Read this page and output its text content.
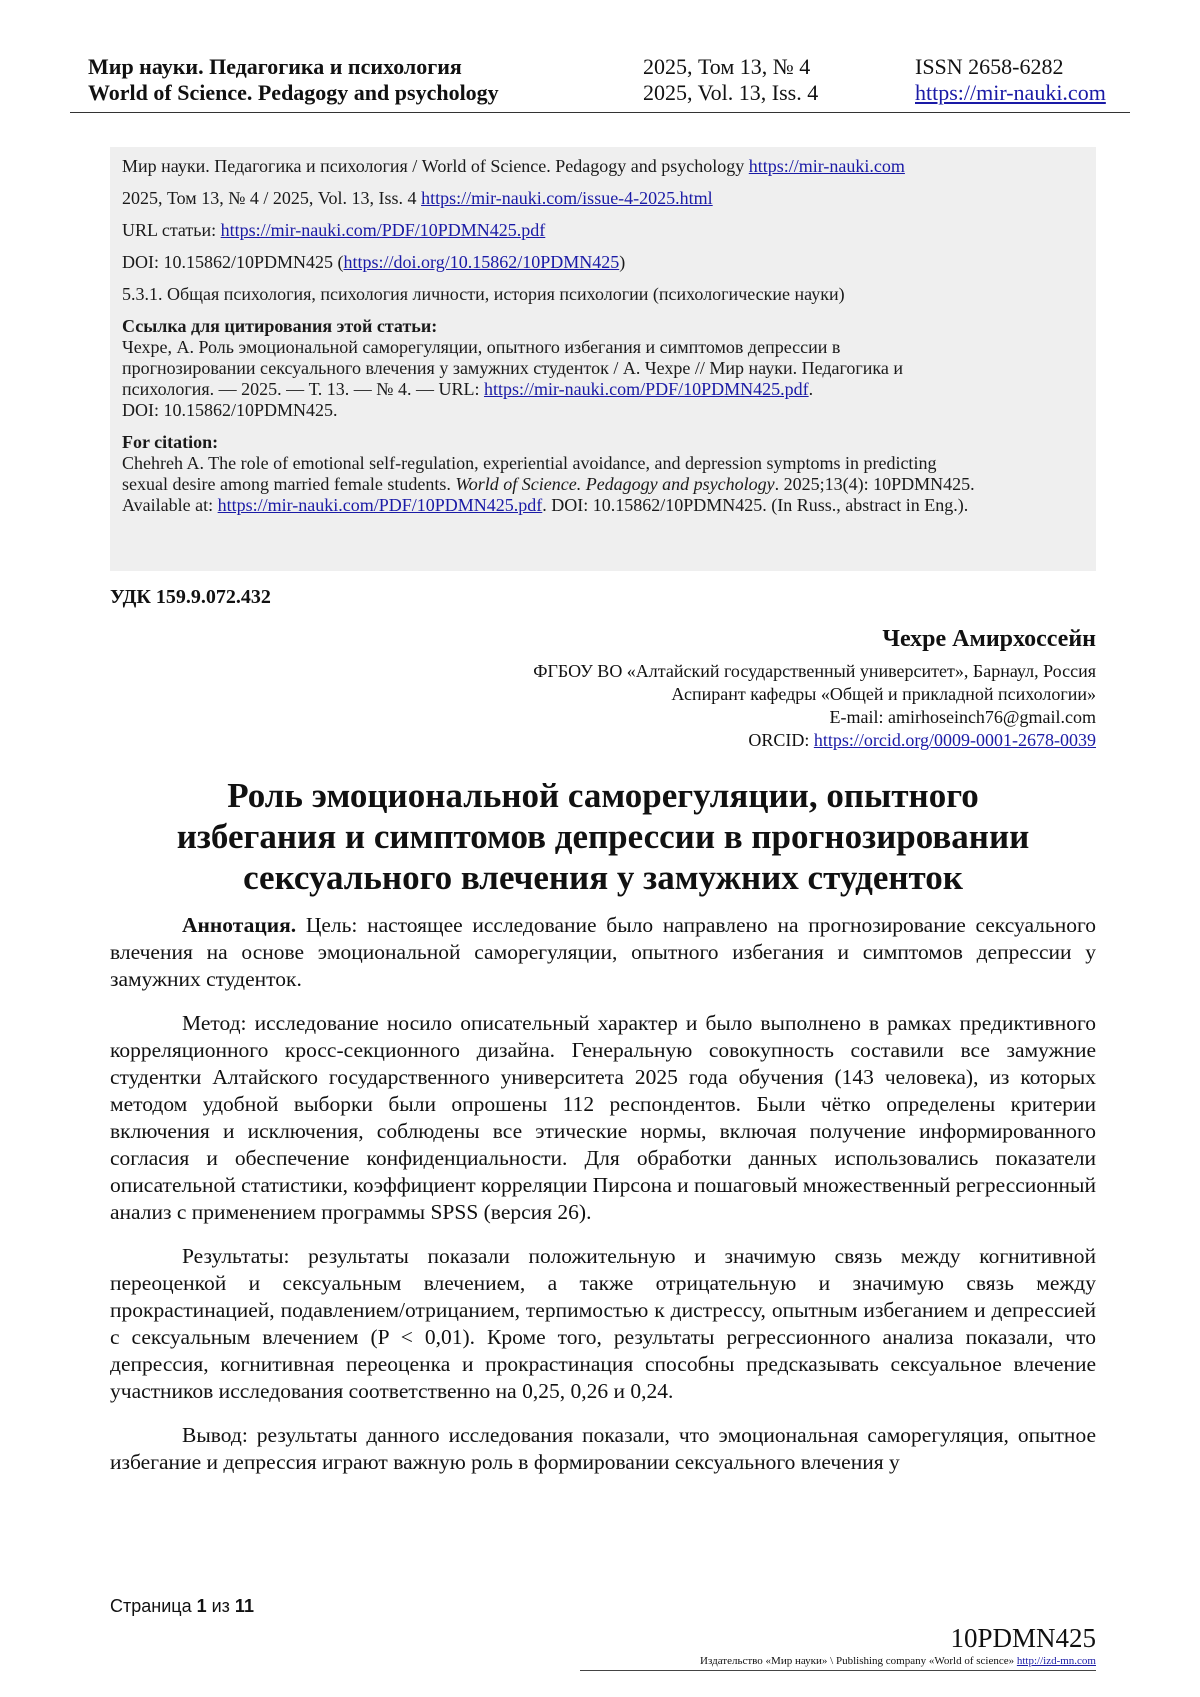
Мир науки. Педагогика и психология
World of Science. Pedagogy and psychology
2025, Том 13, № 4
2025, Vol. 13, Iss. 4
ISSN 2658-6282
https://mir-nauki.com
Мир науки. Педагогика и психология / World of Science. Pedagogy and psychology https://mir-nauki.com
2025, Том 13, № 4 / 2025, Vol. 13, Iss. 4 https://mir-nauki.com/issue-4-2025.html
URL статьи: https://mir-nauki.com/PDF/10PDMN425.pdf
DOI: 10.15862/10PDMN425 (https://doi.org/10.15862/10PDMN425)
5.3.1. Общая психология, психология личности, история психологии (психологические науки)
Ссылка для цитирования этой статьи:
Чехре, А. Роль эмоциональной саморегуляции, опытного избегания и симптомов депрессии в
прогнозировании сексуального влечения у замужних студенток / А. Чехре // Мир науки. Педагогика и
психология. — 2025. — Т. 13. — № 4. — URL: https://mir-nauki.com/PDF/10PDMN425.pdf.
DOI: 10.15862/10PDMN425.
For citation:
Chehreh A. The role of emotional self-regulation, experiential avoidance, and depression symptoms in predicting
sexual desire among married female students. World of Science. Pedagogy and psychology. 2025;13(4): 10PDMN425.
Available at: https://mir-nauki.com/PDF/10PDMN425.pdf. DOI: 10.15862/10PDMN425. (In Russ., abstract in Eng.).
УДК 159.9.072.432
Чехре Амирхоссейн
ФГБОУ ВО «Алтайский государственный университет», Барнаул, Россия
Аспирант кафедры «Общей и прикладной психологии»
E-mail: amirhoseinch76@gmail.com
ORCID: https://orcid.org/0009-0001-2678-0039
Роль эмоциональной саморегуляции, опытного
избегания и симптомов депрессии в прогнозировании
сексуального влечения у замужних студенток

Аннотация. Цель: настоящее исследование было направлено на прогнозирование сексуального влечения на основе эмоциональной саморегуляции, опытного избегания и симптомов депрессии у замужних студенток.

Метод: исследование носило описательный характер и было выполнено в рамках предиктивного корреляционного кросс-секционного дизайна. Генеральную совокупность составили все замужние студентки Алтайского государственного университета 2025 года обучения (143 человека), из которых методом удобной выборки были опрошены 112 респондентов. Были чётко определены критерии включения и исключения, соблюдены все этические нормы, включая получение информированного согласия и обеспечение конфиденциальности. Для обработки данных использовались показатели описательной статистики, коэффициент корреляции Пирсона и пошаговый множественный регрессионный анализ с применением программы SPSS (версия 26).

Результаты: результаты показали положительную и значимую связь между когнитивной переоценкой и сексуальным влечением, а также отрицательную и значимую связь между прокрастинацией, подавлением/отрицанием, терпимостью к дистрессу, опытным избеганием и депрессией с сексуальным влечением (P < 0,01). Кроме того, результаты регрессионного анализа показали, что депрессия, когнитивная переоценка и прокрастинация способны предсказывать сексуальное влечение участников исследования соответственно на 0,25, 0,26 и 0,24.

Вывод: результаты данного исследования показали, что эмоциональная саморегуляция, опытное избегание и депрессия играют важную роль в формировании сексуального влечения у

Страница 1 из 11
10PDMN425
Издательство «Мир науки» \ Publishing company «World of science» http://izd-mn.com
